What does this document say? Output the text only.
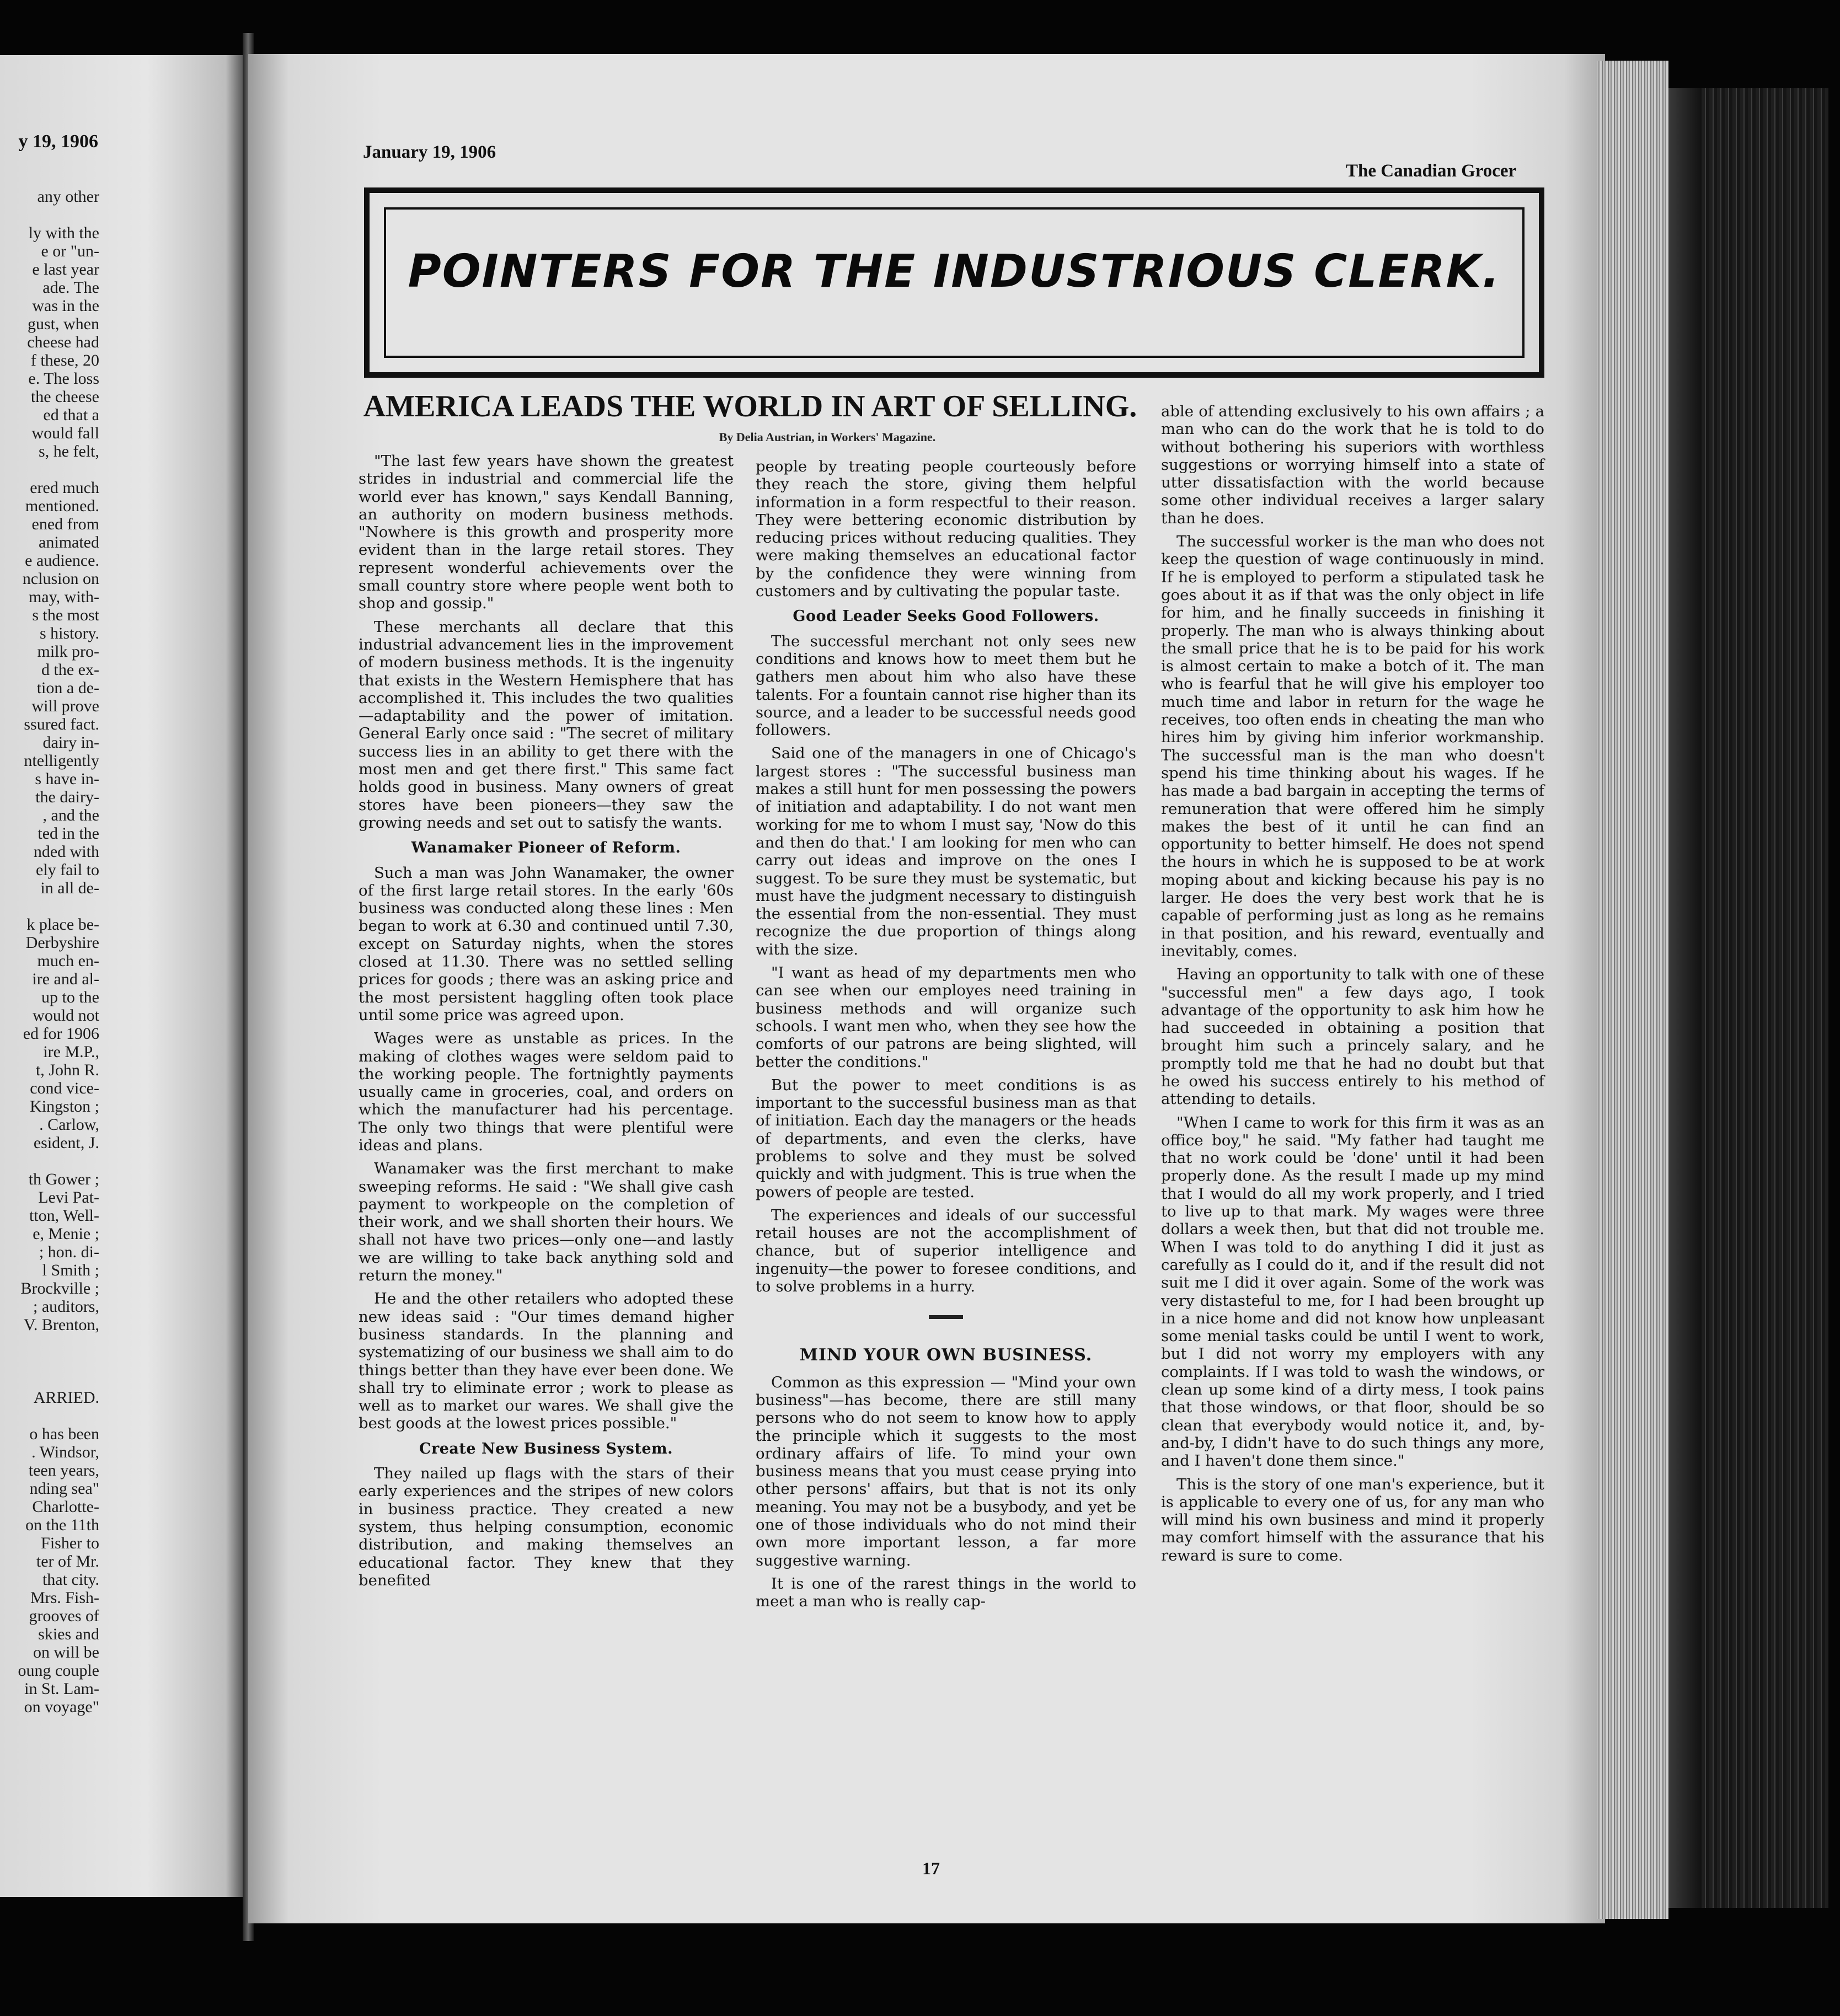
y 19, 1906
any other
ly with the
e or "un-
e last year
ade. The
was in the
gust, when
cheese had
f these, 20
e. The loss
the cheese
ed that a
would fall
s, he felt,
ered much
mentioned.
ened from
animated
e audience.
nclusion on
may, with-
s the most
s history.
milk pro-
d the ex-
tion a de-
will prove
ssured fact.
dairy in-
ntelligently
s have in-
the dairy-
, and the
ted in the
nded with
ely fail to
in all de-
k place be-
Derbyshire
much en-
ire and al-
up to the
would not
ed for 1906
ire M.P.,
t, John R.
cond vice-
Kingston ;
. Carlow,
esident, J.
th Gower ;
Levi Pat-
tton, Well-
e, Menie ;
; hon. di-
l Smith ;
Brockville ;
; auditors,
V. Brenton,
ARRIED.
o has been
. Windsor,
teen years,
nding sea"
Charlotte-
on the 11th
Fisher to
ter of Mr.
that city.
Mrs. Fish-
grooves of
skies and
on will be
oung couple
in St. Lam-
on voyage"
January 19, 1906
The Canadian Grocer
POINTERS FOR THE INDUSTRIOUS CLERK.
AMERICA LEADS THE WORLD IN ART OF SELLING.
By Delia Austrian, in Workers' Magazine.

"The last few years have shown the greatest strides in industrial and commercial life the world ever has known," says Kendall Banning, an authority on modern business methods. "Nowhere is this growth and prosperity more evident than in the large retail stores. They represent wonderful achievements over the small country store where people went both to shop and gossip."

These merchants all declare that this industrial advancement lies in the improvement of modern business methods. It is the ingenuity that exists in the Western Hemisphere that has accomplished it. This includes the two qualities—adaptability and the power of imitation. General Early once said : "The secret of military success lies in an ability to get there with the most men and get there first." This same fact holds good in business. Many owners of great stores have been pioneers—they saw the growing needs and set out to satisfy the wants.

Wanamaker Pioneer of Reform.

Such a man was John Wanamaker, the owner of the first large retail stores. In the early '60s business was conducted along these lines : Men began to work at 6.30 and continued until 7.30, except on Saturday nights, when the stores closed at 11.30. There was no settled selling prices for goods ; there was an asking price and the most persistent haggling often took place until some price was agreed upon.

Wages were as unstable as prices. In the making of clothes wages were seldom paid to the working people. The fortnightly payments usually came in groceries, coal, and orders on which the manufacturer had his percentage. The only two things that were plentiful were ideas and plans.

Wanamaker was the first merchant to make sweeping reforms. He said : "We shall give cash payment to workpeople on the completion of their work, and we shall shorten their hours. We shall not have two prices—only one—and lastly we are willing to take back anything sold and return the money."

He and the other retailers who adopted these new ideas said : "Our times demand higher business standards. In the planning and systematizing of our business we shall aim to do things better than they have ever been done. We shall try to eliminate error ; work to please as well as to market our wares. We shall give the best goods at the lowest prices possible."

Create New Business System.

They nailed up flags with the stars of their early experiences and the stripes of new colors in business practice. They created a new system, thus helping consumption, economic distribution, and making themselves an educational factor. They knew that they benefited

people by treating people courteously before they reach the store, giving them helpful information in a form respectful to their reason. They were bettering economic distribution by reducing prices without reducing qualities. They were making themselves an educational factor by the confidence they were winning from customers and by cultivating the popular taste.

Good Leader Seeks Good Followers.

The successful merchant not only sees new conditions and knows how to meet them but he gathers men about him who also have these talents. For a fountain cannot rise higher than its source, and a leader to be successful needs good followers.

Said one of the managers in one of Chicago's largest stores : "The successful business man makes a still hunt for men possessing the powers of initiation and adaptability. I do not want men working for me to whom I must say, 'Now do this and then do that.' I am looking for men who can carry out ideas and improve on the ones I suggest. To be sure they must be systematic, but must have the judgment necessary to distinguish the essential from the non-essential. They must recognize the due proportion of things along with the size.

"I want as head of my departments men who can see when our employes need training in business methods and will organize such schools. I want men who, when they see how the comforts of our patrons are being slighted, will better the conditions."

But the power to meet conditions is as important to the successful business man as that of initiation. Each day the managers or the heads of departments, and even the clerks, have problems to solve and they must be solved quickly and with judgment. This is true when the powers of people are tested.

The experiences and ideals of our successful retail houses are not the accomplishment of chance, but of superior intelligence and ingenuity—the power to foresee conditions, and to solve problems in a hurry.

MIND YOUR OWN BUSINESS.

Common as this expression — "Mind your own business"—has become, there are still many persons who do not seem to know how to apply the principle which it suggests to the most ordinary affairs of life. To mind your own business means that you must cease prying into other persons' affairs, but that is not its only meaning. You may not be a busybody, and yet be one of those individuals who do not mind their own more important lesson, a far more suggestive warning.

It is one of the rarest things in the world to meet a man who is really cap-

able of attending exclusively to his own affairs ; a man who can do the work that he is told to do without bothering his superiors with worthless suggestions or worrying himself into a state of utter dissatisfaction with the world because some other individual receives a larger salary than he does.

The successful worker is the man who does not keep the question of wage continuously in mind. If he is employed to perform a stipulated task he goes about it as if that was the only object in life for him, and he finally succeeds in finishing it properly. The man who is always thinking about the small price that he is to be paid for his work is almost certain to make a botch of it. The man who is fearful that he will give his employer too much time and labor in return for the wage he receives, too often ends in cheating the man who hires him by giving him inferior workmanship. The successful man is the man who doesn't spend his time thinking about his wages. If he has made a bad bargain in accepting the terms of remuneration that were offered him he simply makes the best of it until he can find an opportunity to better himself. He does not spend the hours in which he is supposed to be at work moping about and kicking because his pay is no larger. He does the very best work that he is capable of performing just as long as he remains in that position, and his reward, eventually and inevitably, comes.

Having an opportunity to talk with one of these "successful men" a few days ago, I took advantage of the opportunity to ask him how he had succeeded in obtaining a position that brought him such a princely salary, and he promptly told me that he had no doubt but that he owed his success entirely to his method of attending to details.

"When I came to work for this firm it was as an office boy," he said. "My father had taught me that no work could be 'done' until it had been properly done. As the result I made up my mind that I would do all my work properly, and I tried to live up to that mark. My wages were three dollars a week then, but that did not trouble me. When I was told to do anything I did it just as carefully as I could do it, and if the result did not suit me I did it over again. Some of the work was very distasteful to me, for I had been brought up in a nice home and did not know how unpleasant some menial tasks could be until I went to work, but I did not worry my employers with any complaints. If I was told to wash the windows, or clean up some kind of a dirty mess, I took pains that those windows, or that floor, should be so clean that everybody would notice it, and, by-and-by, I didn't have to do such things any more, and I haven't done them since."

This is the story of one man's experience, but it is applicable to every one of us, for any man who will mind his own business and mind it properly may comfort himself with the assurance that his reward is sure to come.

17
